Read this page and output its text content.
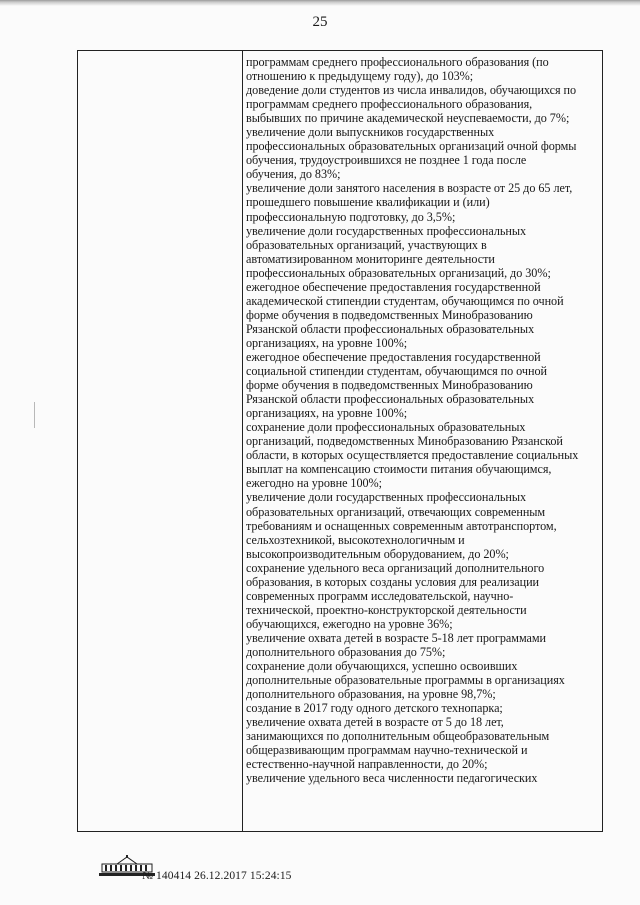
25
программам среднего профессионального образования (по
отношению к предыдущему году), до 103%;
доведение доли студентов из числа инвалидов, обучающихся по
программам среднего профессионального образования,
выбывших по причине академической неуспеваемости, до 7%;
увеличение доли выпускников государственных
профессиональных образовательных организаций очной формы
обучения, трудоустроившихся не позднее 1 года после
обучения, до 83%;
увеличение доли занятого населения в возрасте от 25 до 65 лет,
прошедшего повышение квалификации и (или)
профессиональную подготовку, до 3,5%;
увеличение доли государственных профессиональных
образовательных организаций, участвующих в
автоматизированном мониторинге деятельности
профессиональных образовательных организаций, до 30%;
ежегодное обеспечение предоставления государственной
академической стипендии студентам, обучающимся по очной
форме обучения в подведомственных Минобразованию
Рязанской области профессиональных образовательных
организациях, на уровне 100%;
ежегодное обеспечение предоставления государственной
социальной стипендии студентам, обучающимся по очной
форме обучения в подведомственных Минобразованию
Рязанской области профессиональных образовательных
организациях, на уровне 100%;
сохранение доли профессиональных образовательных
организаций, подведомственных Минобразованию Рязанской
области, в которых осуществляется предоставление социальных
выплат на компенсацию стоимости питания обучающимся,
ежегодно на уровне 100%;
увеличение доли государственных профессиональных
образовательных организаций, отвечающих современным
требованиям и оснащенных современным автотранспортом,
сельхозтехникой, высокотехнологичным и
высокопроизводительным оборудованием, до 20%;
сохранение удельного веса организаций дополнительного
образования, в которых созданы условия для реализации
современных программ исследовательской, научно-
технической, проектно-конструкторской деятельности
обучающихся, ежегодно на уровне 36%;
увеличение охвата детей в возрасте 5-18 лет программами
дополнительного образования до 75%;
сохранение доли обучающихся, успешно освоивших
дополнительные образовательные программы в организациях
дополнительного образования, на уровне 98,7%;
создание в 2017 году одного детского технопарка;
увеличение охвата детей в возрасте от 5 до 18 лет,
занимающихся по дополнительным общеобразовательным
общеразвивающим программам научно-технической и
естественно-научной направленности, до 20%;
увеличение удельного веса численности педагогических
№ 140414 26.12.2017 15:24:15
